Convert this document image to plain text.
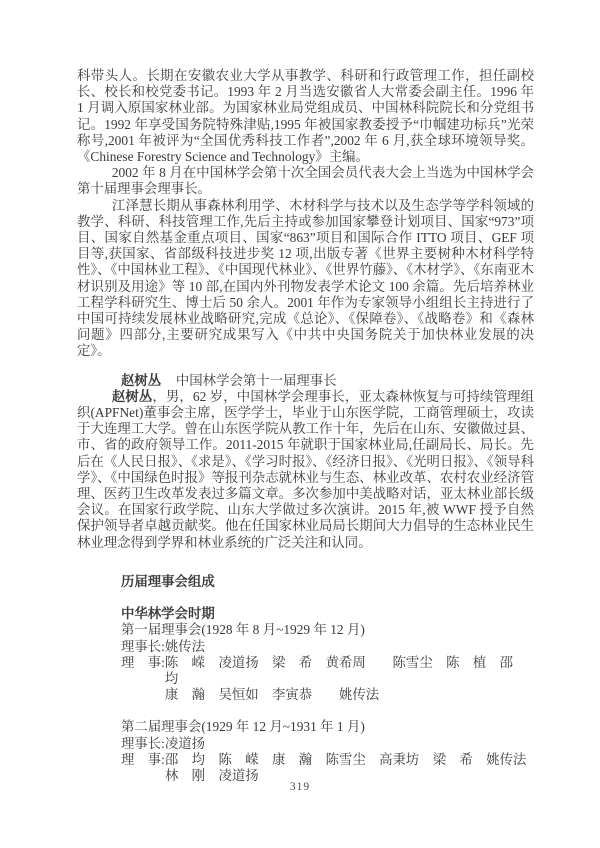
科带头人。长期在安徽农业大学从事教学、科研和行政管理工作，担任副校长、校长和校党委书记。1993 年 2 月当选安徽省人大常委会副主任。1996 年 1 月调入原国家林业部。为国家林业局党组成员、中国林科院院长和分党组书记。1992 年享受国务院特殊津贴,1995 年被国家教委授予“巾帼建功标兵”光荣称号,2001 年被评为“全国优秀科技工作者”,2002 年 6 月,获全球环境领导奖。《Chinese Forestry Science and Technology》主编。

2002 年 8 月在中国林学会第十次全国会员代表大会上当选为中国林学会第十届理事会理事长。

江泽慧长期从事森林利用学、木材科学与技术以及生态学等学科领域的教学、科研、科技管理工作,先后主持或参加国家攀登计划项目、国家“973”项目、国家自然基金重点项目、国家“863”项目和国际合作 ITTO 项目、GEF 项目等,获国家、省部级科技进步奖 12 项,出版专著《世界主要树种木材科学特性》、《中国林业工程》、《中国现代林业》、《世界竹藤》、《木材学》、《东南亚木材识别及用途》等 10 部,在国内外刊物发表学术论文 100 余篇。先后培养林业工程学科研究生、博士后 50 余人。2001 年作为专家领导小组组长主持进行了中国可持续发展林业战略研究,完成《总论》、《保障卷》、《战略卷》和《森林问题》四部分,主要研究成果写入《中共中央国务院关于加快林业发展的决定》。

赵树丛 中国林学会第十一届理事长

赵树丛，男，62 岁，中国林学会理事长，亚太森林恢复与可持续管理组织(APFNet)董事会主席，医学学士，毕业于山东医学院，工商管理硕士，攻读于大连理工大学。曾在山东医学院从教工作十年，先后在山东、安徽做过县、市、省的政府领导工作。2011-2015 年就职于国家林业局,任副局长、局长。先后在《人民日报》、《求是》、《学习时报》、《经济日报》、《光明日报》、《领导科学》、《中国绿色时报》等报刊杂志就林业与生态、林业改革、农村农业经济管理、医药卫生改革发表过多篇文章。多次参加中美战略对话，亚太林业部长级会议。在国家行政学院、山东大学做过多次演讲。2015 年,被 WWF 授予自然保护领导者卓越贡献奖。他在任国家林业局局长期间大力倡导的生态林业民生林业理念得到学界和林业系统的广泛关注和认同。

历届理事会组成
中华林学会时期
第一届理事会(1928 年 8 月~1929 年 12 月)
理事长: 姚传法
理　事: 陈　嵘　凌道扬　梁　希　黄希周　　陈雪尘　陈　植　邵　均
康　瀚　吴恒如　李寅恭　　姚传法
第二届理事会(1929 年 12 月~1931 年 1 月)
理事长: 凌道扬
理　事: 邵　均　陈　嵘　康　瀚　陈雪尘　高秉坊　梁　希　姚传法
林　刚　凌道扬
319
